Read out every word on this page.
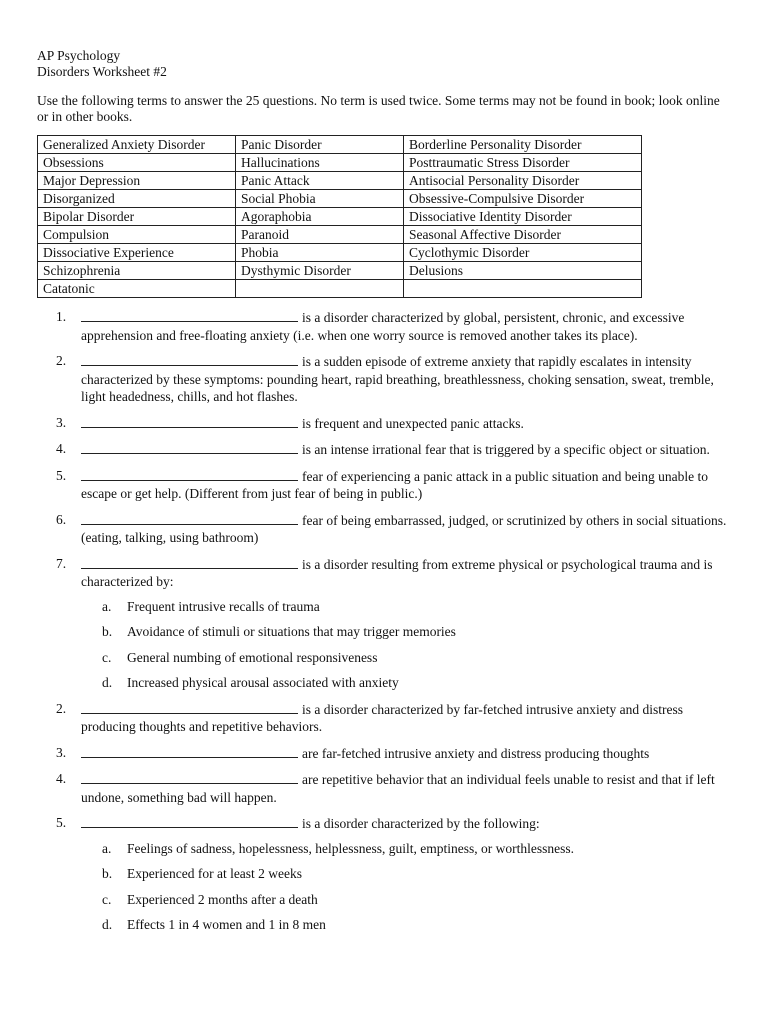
AP Psychology
Disorders Worksheet #2
Use the following terms to answer the 25 questions. No term is used twice. Some terms may not be found in book; look online or in other books.
Generalized Anxiety Disorder	Panic Disorder	Borderline Personality Disorder
Obsessions	Hallucinations	Posttraumatic Stress Disorder
Major Depression	Panic Attack	Antisocial Personality Disorder
Disorganized	Social Phobia	Obsessive-Compulsive Disorder
Bipolar Disorder	Agoraphobia	Dissociative Identity Disorder
Compulsion	Paranoid	Seasonal Affective Disorder
Dissociative Experience	Phobia	Cyclothymic Disorder
Schizophrenia	Dysthymic Disorder	Delusions
Catatonic		
1.	is a disorder characterized by global, persistent, chronic, and excessive apprehension and free-floating anxiety (i.e. when one worry source is removed another takes its place).
2.	is a sudden episode of extreme anxiety that rapidly escalates in intensity characterized by these symptoms: pounding heart, rapid breathing, breathlessness, choking sensation, sweat, tremble, light headedness, chills, and hot flashes.
3.	is frequent and unexpected panic attacks.
4.	is an intense irrational fear that is triggered by a specific object or situation.
5.	fear of experiencing a panic attack in a public situation and being unable to escape or get help. (Different from just fear of being in public.)
6.	fear of being embarrassed, judged, or scrutinized by others in social situations. (eating, talking, using bathroom)
7.	is a disorder resulting from extreme physical or psychological trauma and is characterized by:
a. Frequent intrusive recalls of trauma
b. Avoidance of stimuli or situations that may trigger memories
c. General numbing of emotional responsiveness
d. Increased physical arousal associated with anxiety
2.	is a disorder characterized by far-fetched intrusive anxiety and distress producing thoughts and repetitive behaviors.
3.	are far-fetched intrusive anxiety and distress producing thoughts
4.	are repetitive behavior that an individual feels unable to resist and that if left undone, something bad will happen.
5.	is a disorder characterized by the following:
a. Feelings of sadness, hopelessness, helplessness, guilt, emptiness, or worthlessness.
b. Experienced for at least 2 weeks
c. Experienced 2 months after a death
d. Effects 1 in 4 women and 1 in 8 men
